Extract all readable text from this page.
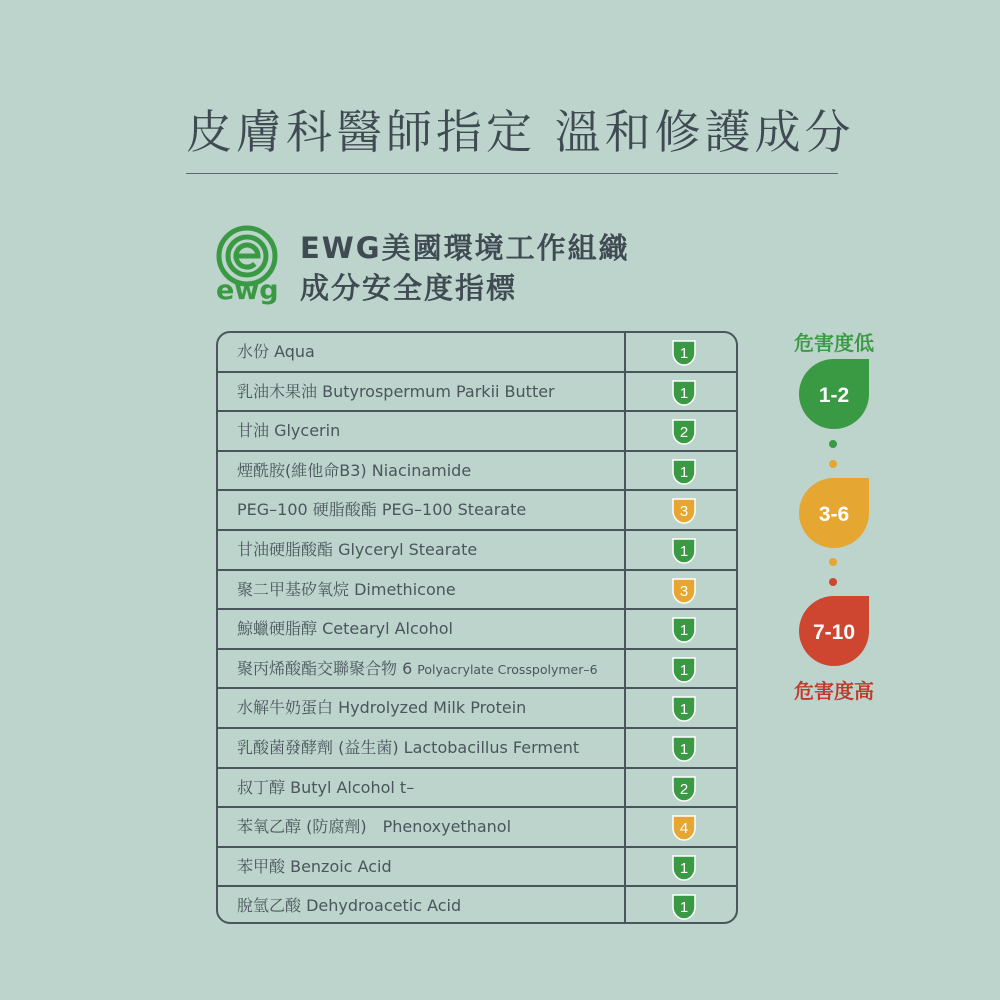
皮膚科醫師指定 溫和修護成分
ewg
EWG美國環境工作組織
成分安全度指標
水份 Aqua	1
乳油木果油 Butyrospermum Parkii Butter	1
甘油 Glycerin	2
煙酰胺(維他命B3) Niacinamide	1
PEG–100 硬脂酸酯 PEG–100 Stearate	3
甘油硬脂酸酯 Glyceryl Stearate	1
聚二甲基矽氧烷 Dimethicone	3
鯨蠟硬脂醇 Cetearyl Alcohol	1
聚丙烯酸酯交聯聚合物 6 Polyacrylate Crosspolymer–6	1
水解牛奶蛋白 Hydrolyzed Milk Protein	1
乳酸菌發酵劑 (益生菌) Lactobacillus Ferment	1
叔丁醇 Butyl Alcohol t–	2
苯氧乙醇 (防腐劑)　Phenoxyethanol	4
苯甲酸 Benzoic Acid	1
脫氫乙酸 Dehydroacetic Acid	1
危害度低
1-2
3-6
7-10
危害度高
